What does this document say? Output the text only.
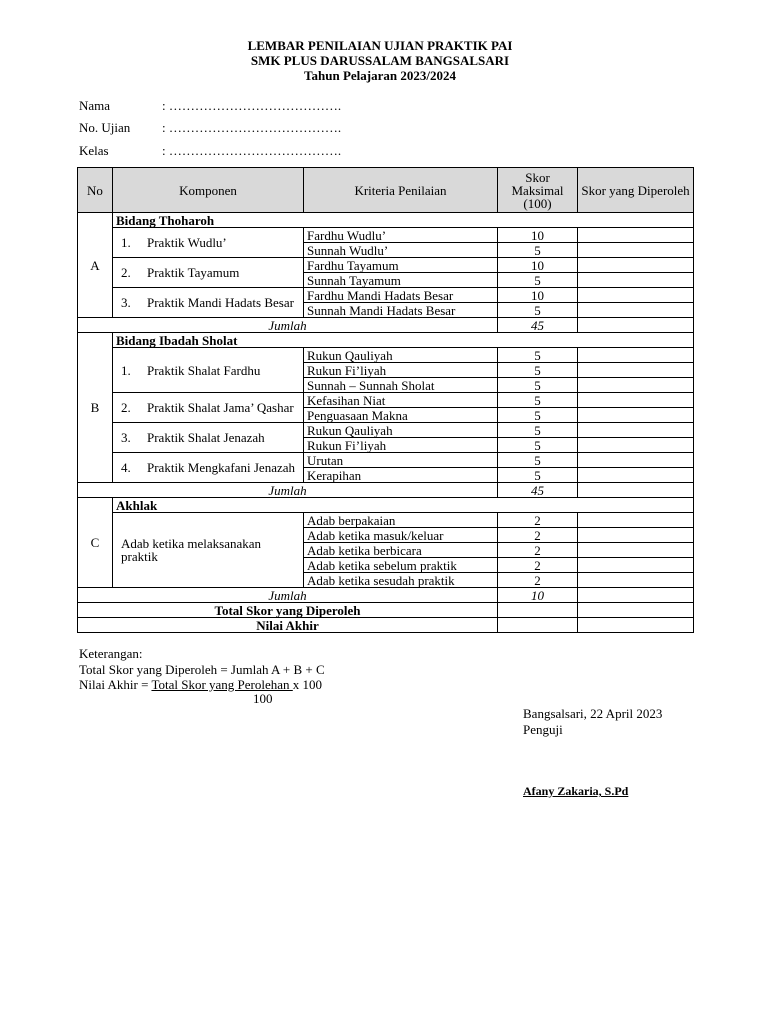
LEMBAR PENILAIAN UJIAN PRAKTIK PAI
SMK PLUS DARUSSALAM BANGSALSARI
Tahun Pelajaran 2023/2024
Nama	: ………………………………….
No. Ujian : ………………………………….
Kelas	: ………………………………….
No	Komponen	Kriteria Penilaian	Skor Maksimal (100)	Skor yang Diperoleh
A	Bidang Thoharoh			

	1. Praktik Wudlu’	Fardhu Wudlu’	10	
		Sunnah Wudlu’	5	

	2. Praktik Tayamum	Fardhu Tayamum	10	
		Sunnah Tayamum	5	

	3. Praktik Mandi Hadats Besar	Fardhu Mandi Hadats Besar	10	
		Sunnah Mandi Hadats Besar	5	
Jumlah			45	
B	Bidang Ibadah Sholat			

	1. Praktik Shalat Fardhu	Rukun Qauliyah	5	
		Rukun Fi’liyah	5	
		Sunnah – Sunnah Sholat	5	

	2. Praktik Shalat Jama’ Qashar	Kefasihan Niat	5	
		Penguasaan Makna	5	

	3. Praktik Shalat Jenazah	Rukun Qauliyah	5	
		Rukun Fi’liyah	5	

	4. Praktik Mengkafani Jenazah	Urutan	5	
		Kerapihan	5	
Jumlah			45	
C	Akhlak			

	Adab ketika melaksanakan praktik	Adab berpakaian	2	
		Adab ketika masuk/keluar	2	
		Adab ketika berbicara	2	
		Adab ketika sebelum praktik	2	
		Adab ketika sesudah praktik	2	
Jumlah			10	
Total Skor yang Diperoleh				
Nilai Akhir				
Keterangan:
Total Skor yang Diperoleh = Jumlah A + B + C
Nilai Akhir = Total Skor yang Perolehan x 100
100
Bangsalsari, 22 April 2023
Penguji
Afany Zakaria, S.Pd
